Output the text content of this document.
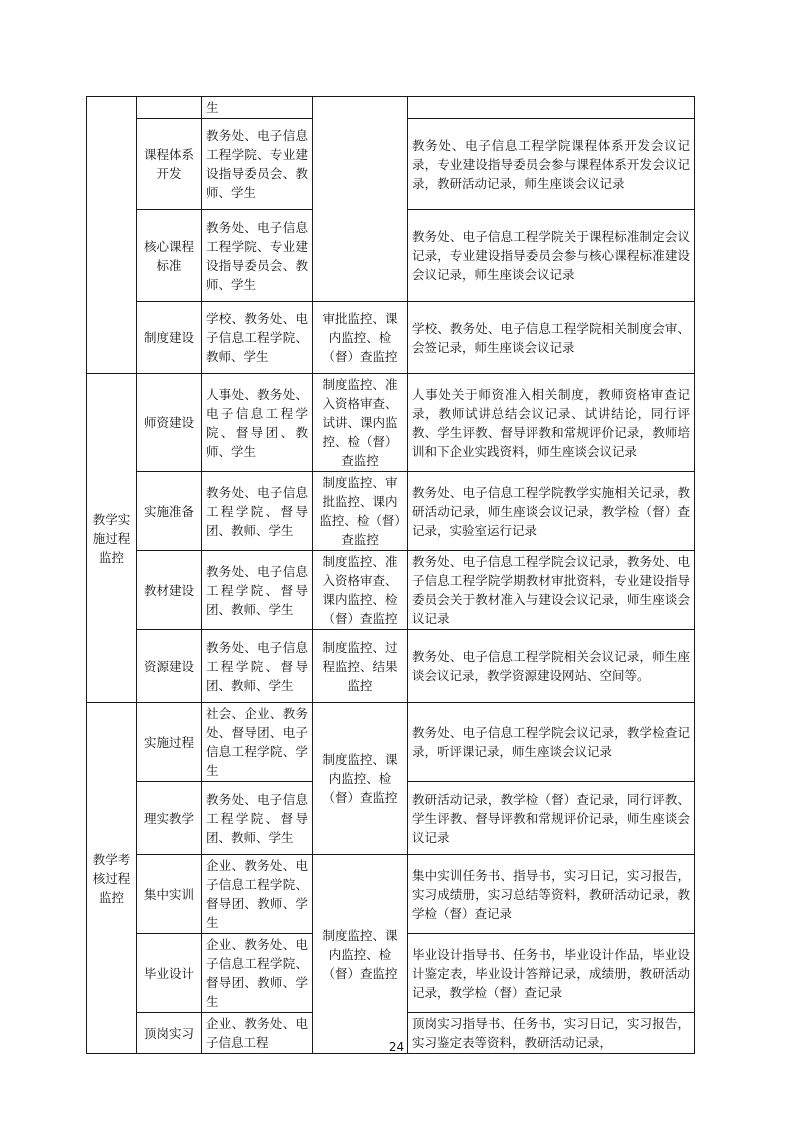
		生		
	课程体系开发	教务处、电子信息工程学院、专业建设指导委员会、教师、学生		教务处、电子信息工程学院课程体系开发会议记录，专业建设指导委员会参与课程体系开发会议记录，教研活动记录，师生座谈会议记录
	核心课程标准	教务处、电子信息工程学院、专业建设指导委员会、教师、学生		教务处、电子信息工程学院关于课程标准制定会议记录，专业建设指导委员会参与核心课程标准建设会议记录，师生座谈会议记录
	制度建设	学校、教务处、电子信息工程学院、教师、学生	审批监控、课内监控、检（督）查监控	学校、教务处、电子信息工程学院相关制度会审、会签记录，师生座谈会议记录
教学实施过程监控	师资建设	人事处、教务处、电子信息工程学院、督导团、教师、学生	制度监控、准入资格审查、试讲、课内监控、检（督）查监控	人事处关于师资准入相关制度，教师资格审查记录，教师试讲总结会议记录、试讲结论，同行评教、学生评教、督导评教和常规评价记录，教师培训和下企业实践资料，师生座谈会议记录
	实施准备	教务处、电子信息工程学院、督导团、教师、学生	制度监控、审批监控、课内监控、检（督）查监控	教务处、电子信息工程学院教学实施相关记录，教研活动记录，师生座谈会议记录，教学检（督）查记录，实验室运行记录
	教材建设	教务处、电子信息工程学院、督导团、教师、学生	制度监控、准入资格审查、课内监控、检（督）查监控	教务处、电子信息工程学院会议记录，教务处、电子信息工程学院学期教材审批资料，专业建设指导委员会关于教材准入与建设会议记录，师生座谈会议记录
	资源建设	教务处、电子信息工程学院、督导团、教师、学生	制度监控、过程监控、结果监控	教务处、电子信息工程学院相关会议记录，师生座谈会议记录，教学资源建设网站、空间等。
教学考核过程监控	实施过程	社会、企业、教务处、督导团、电子信息工程学院、学生	制度监控、课内监控、检（督）查监控	教务处、电子信息工程学院会议记录，教学检查记录，听评课记录，师生座谈会议记录
	理实教学	教务处、电子信息工程学院、督导团、教师、学生		教研活动记录，教学检（督）查记录，同行评教、学生评教、督导评教和常规评价记录，师生座谈会议记录
	集中实训	企业、教务处、电子信息工程学院、督导团、教师、学生	制度监控、课内监控、检（督）查监控	集中实训任务书、指导书，实习日记，实习报告，实习成绩册，实习总结等资料，教研活动记录，教学检（督）查记录
	毕业设计	企业、教务处、电子信息工程学院、督导团、教师、学生		毕业设计指导书、任务书，毕业设计作品，毕业设计鉴定表，毕业设计答辩记录，成绩册，教研活动记录，教学检（督）查记录
	顶岗实习	企业、教务处、电子信息工程		顶岗实习指导书、任务书，实习日记，实习报告，实习鉴定表等资料，教研活动记录，
24
